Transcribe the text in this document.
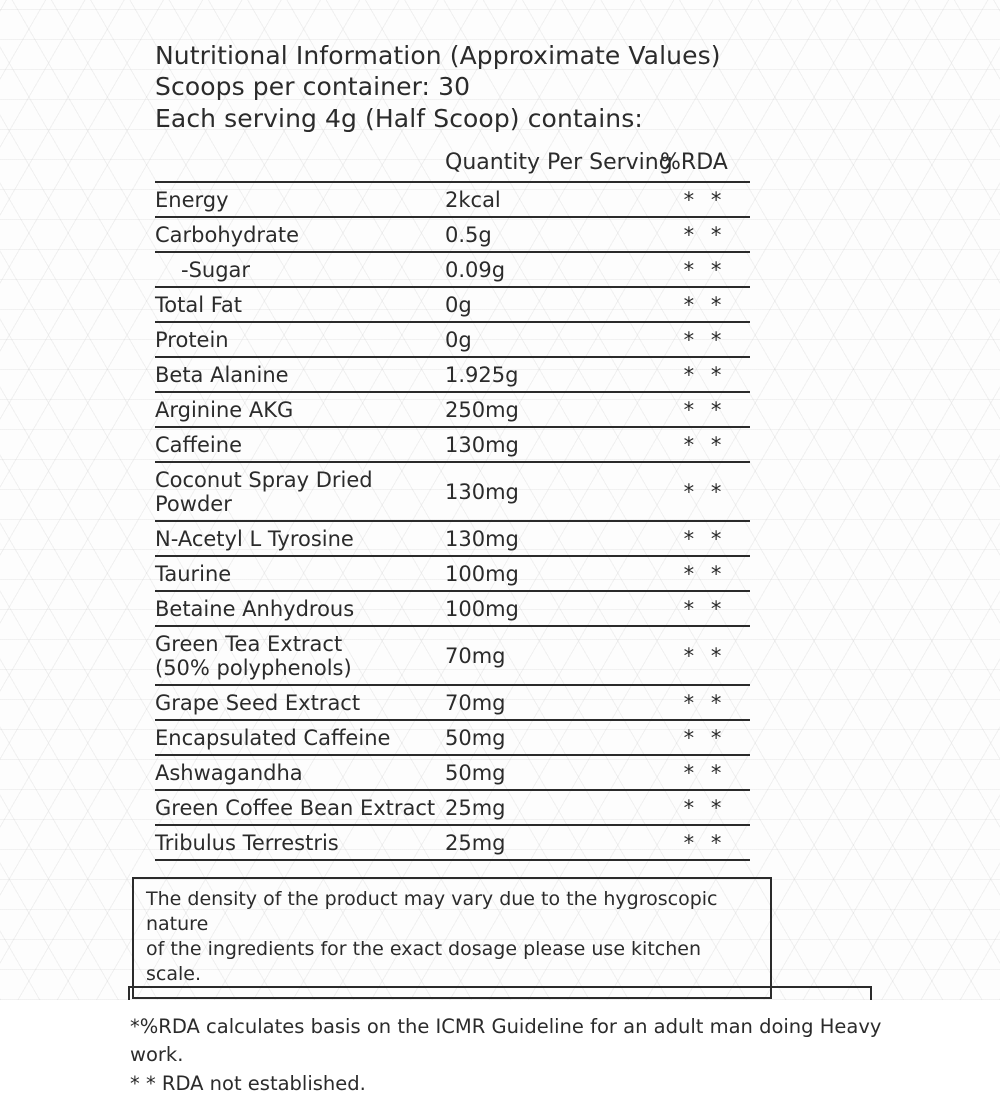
Nutritional Information (Approximate Values)
Scoops per container: 30
Each serving 4g (Half Scoop) contains:
	Quantity Per Serving	%RDA
Energy	2kcal	* *
Carbohydrate	0.5g	* *
-Sugar	0.09g	* *
Total Fat	0g	* *
Protein	0g	* *
Beta Alanine	1.925g	* *
Arginine AKG	250mg	* *
Caffeine	130mg	* *
Coconut Spray Dried Powder	130mg	* *
N-Acetyl L Tyrosine	130mg	* *
Taurine	100mg	* *
Betaine Anhydrous	100mg	* *
Green Tea Extract
(50% polyphenols)	70mg	* *
Grape Seed Extract	70mg	* *
Encapsulated Caffeine	50mg	* *
Ashwagandha	50mg	* *
Green Coffee Bean Extract	25mg	* *
Tribulus Terrestris	25mg	* *
The density of the product may vary due to the hygroscopic nature
of the ingredients for the exact dosage please use kitchen scale.
*%RDA calculates basis on the ICMR Guideline for an adult man doing Heavy work.
* * RDA not established.
